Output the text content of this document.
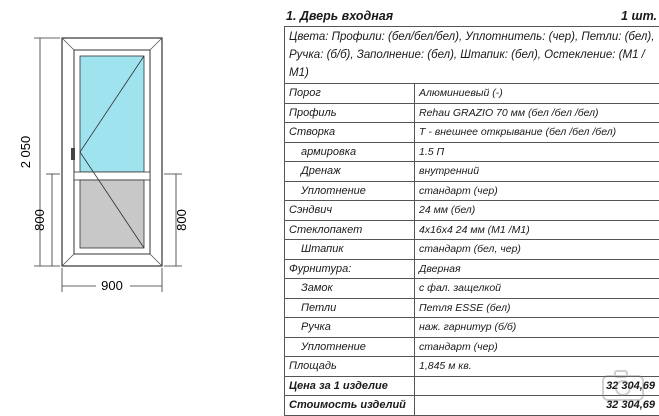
2 050
800	800
900
1. Дверь входная	1 шт.
Цвета: Профили: (бел/бел/бел), Уплотнитель: (чер), Петли: (бел), Ручка: (б/б), Заполнение: (бел), Штапик: (бел), Остекление: (М1 /М1)	
Порог	Алюминиевый (-)
Профиль	Rehau GRAZIO 70 мм (бел /бел /бел)
Створка	Т - внешнее открывание (бел /бел /бел)
армировка	1.5 П
Дренаж	внутренний
Уплотнение	стандарт (чер)
Сэндвич	24 мм (бел)
Стеклопакет	4х16х4 24 мм (М1 /М1)
Штапик	стандарт (бел, чер)
Фурнитура:	Дверная
Замок	с фал. защелкой
Петли	Петля ESSE (бел)
Ручка	наж. гарнитур (б/б)
Уплотнение	стандарт (чер)
Площадь	1,845 м кв.
Цена за 1 изделие	32 304,69
Стоимость изделий	32 304,69
